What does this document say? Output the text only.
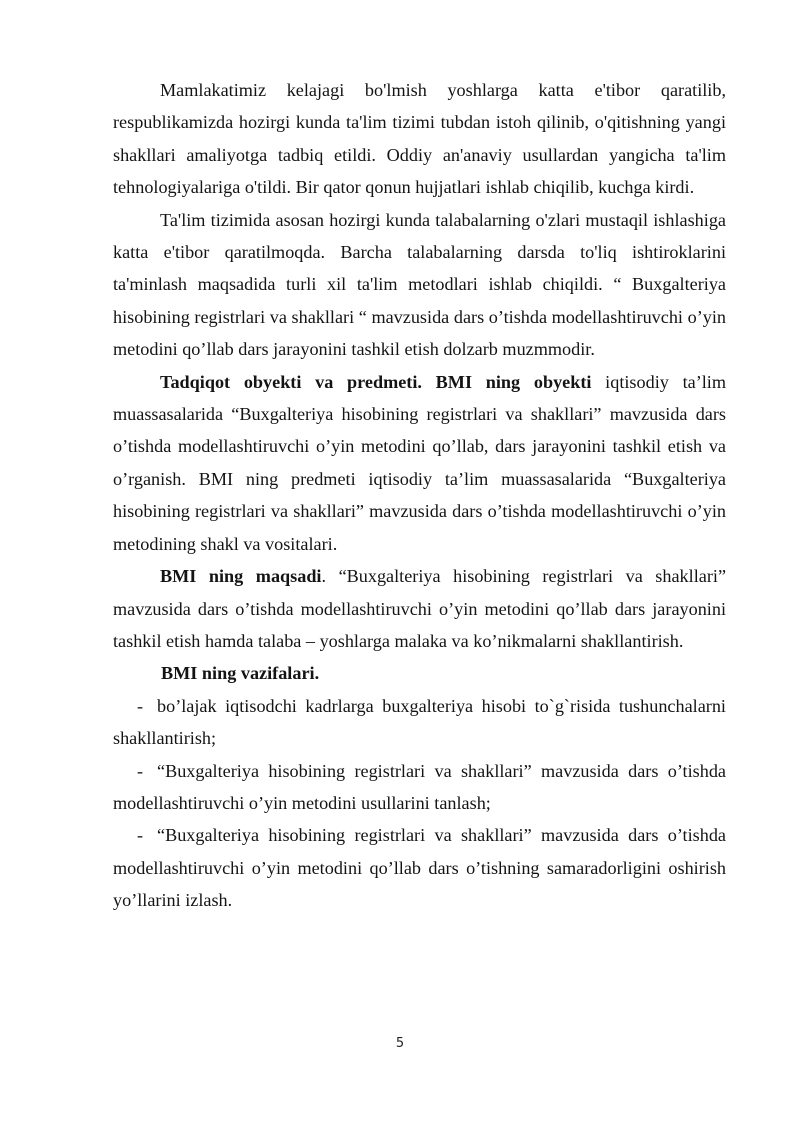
Mamlakatimiz kelajagi bo'lmish yoshlarga katta e'tibor qaratilib, respublikamizda hozirgi kunda ta'lim tizimi tubdan istoh qilinib, o'qitishning yangi shakllari amaliyotga tadbiq etildi. Oddiy an'anaviy usullardan yangicha ta'lim tehnologiyalariga o'tildi. Bir qator qonun hujjatlari ishlab chiqilib, kuchga kirdi.

Ta'lim tizimida asosan hozirgi kunda talabalarning o'zlari mustaqil ishlashiga katta e'tibor qaratilmoqda. Barcha talabalarning darsda to'liq ishtiroklarini ta'minlash maqsadida turli xil ta'lim metodlari ishlab chiqildi. “ Buxgalteriya hisobining registrlari va shakllari “ mavzusida dars o’tishda modellashtiruvchi o’yin metodini qo’llab dars jarayonini tashkil etish dolzarb muzmmodir.

Tadqiqot obyekti va predmeti. BMI ning obyekti iqtisodiy ta’lim muassasalarida “Buxgalteriya hisobining registrlari va shakllari” mavzusida dars o’tishda modellashtiruvchi o’yin metodini qo’llab, dars jarayonini tashkil etish va o’rganish. BMI ning predmeti iqtisodiy ta’lim muassasalarida “Buxgalteriya hisobining registrlari va shakllari” mavzusida dars o’tishda modellashtiruvchi o’yin metodining shakl va vositalari.

BMI ning maqsadi. “Buxgalteriya hisobining registrlari va shakllari” mavzusida dars o’tishda modellashtiruvchi o’yin metodini qo’llab dars jarayonini tashkil etish hamda talaba – yoshlarga malaka va ko’nikmalarni shakllantirish.

BMI ning vazifalari.

- bo’lajak iqtisodchi kadrlarga buxgalteriya hisobi to`g`risida tushunchalarni shakllantirish;

- “Buxgalteriya hisobining registrlari va shakllari” mavzusida dars o’tishda modellashtiruvchi o’yin metodini usullarini tanlash;

- “Buxgalteriya hisobining registrlari va shakllari” mavzusida dars o’tishda modellashtiruvchi o’yin metodini qo’llab dars o’tishning samaradorligini oshirish yo’llarini izlash.

5
